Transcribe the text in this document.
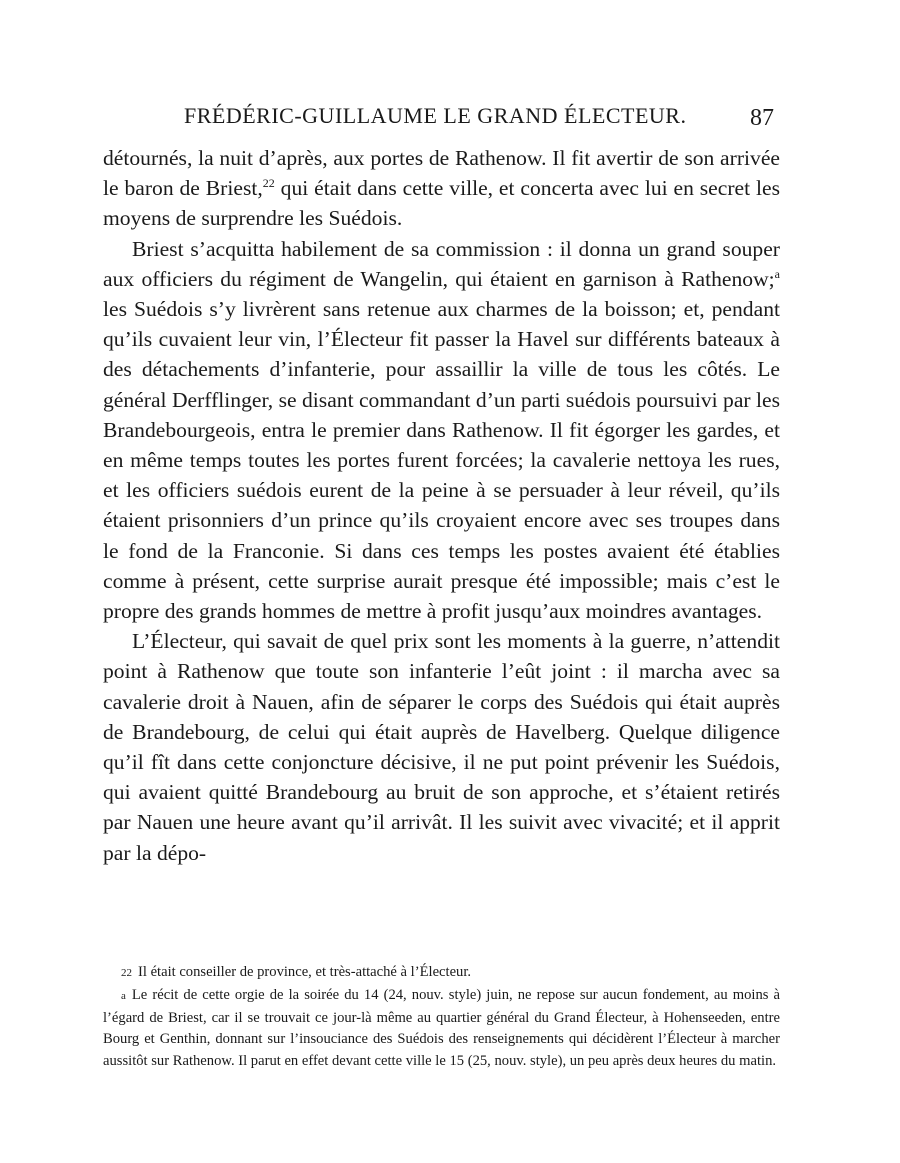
FRÉDÉRIC-GUILLAUME LE GRAND ÉLECTEUR.	87

détournés, la nuit d’après, aux portes de Rathenow. Il fit avertir de son arrivée le baron de Briest,$^{22}$ qui était dans cette ville, et concerta avec lui en secret les moyens de surprendre les Suédois.

Briest s’acquitta habilement de sa commission : il donna un grand souper aux officiers du régiment de Wangelin, qui étaient en garnison à Rathenow;$^a$ les Suédois s’y livrèrent sans retenue aux charmes de la boisson; et, pendant qu’ils cuvaient leur vin, l’Électeur fit passer la Havel sur différents bateaux à des détachements d’infanterie, pour assaillir la ville de tous les côtés. Le général Derfflinger, se disant commandant d’un parti suédois poursuivi par les Brandebourgeois, entra le premier dans Rathenow. Il fit égorger les gardes, et en même temps toutes les portes furent forcées; la cavalerie nettoya les rues, et les officiers suédois eurent de la peine à se persuader à leur réveil, qu’ils étaient prisonniers d’un prince qu’ils croyaient encore avec ses troupes dans le fond de la Franconie. Si dans ces temps les postes avaient été établies comme à présent, cette surprise aurait presque été impossible; mais c’est le propre des grands hommes de mettre à profit jusqu’aux moindres avantages.

L’Électeur, qui savait de quel prix sont les moments à la guerre, n’attendit point à Rathenow que toute son infanterie l’eût joint : il marcha avec sa cavalerie droit à Nauen, afin de séparer le corps des Suédois qui était auprès de Brandebourg, de celui qui était auprès de Havelberg. Quelque diligence qu’il fît dans cette conjoncture décisive, il ne put point prévenir les Suédois, qui avaient quitté Brandebourg au bruit de son approche, et s’étaient retirés par Nauen une heure avant qu’il arrivât. Il les suivit avec vivacité; et il apprit par la dépo-

22 Il était conseiller de province, et très-attaché à l’Électeur.

a Le récit de cette orgie de la soirée du 14 (24, nouv. style) juin, ne repose sur aucun fondement, au moins à l’égard de Briest, car il se trouvait ce jour-là même au quartier général du Grand Électeur, à Hohenseeden, entre Bourg et Genthin, donnant sur l’insouciance des Suédois des renseignements qui décidèrent l’Électeur à marcher aussitôt sur Rathenow. Il parut en effet devant cette ville le 15 (25, nouv. style), un peu après deux heures du matin.
